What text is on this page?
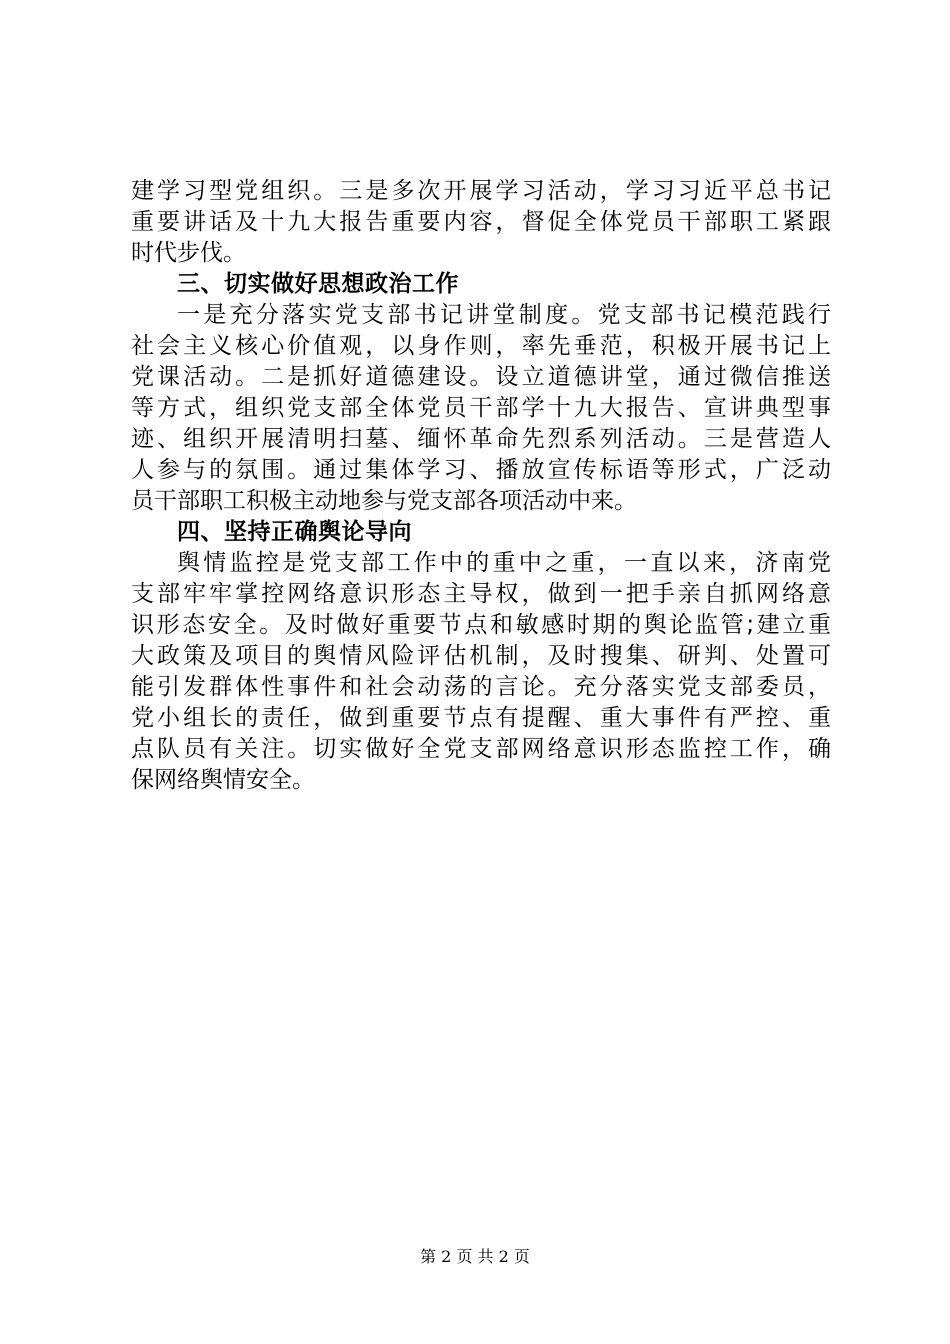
建学习型党组织。三是多次开展学习活动，学习习近平总书记
重要讲话及十九大报告重要内容，督促全体党员干部职工紧跟
时代步伐。
三、切实做好思想政治工作
一是充分落实党支部书记讲堂制度。党支部书记模范践行
社会主义核心价值观，以身作则，率先垂范，积极开展书记上
党课活动。二是抓好道德建设。设立道德讲堂，通过微信推送
等方式，组织党支部全体党员干部学十九大报告、宣讲典型事
迹、组织开展清明扫墓、缅怀革命先烈系列活动。三是营造人
人参与的氛围。通过集体学习、播放宣传标语等形式，广泛动
员干部职工积极主动地参与党支部各项活动中来。
四、坚持正确舆论导向
舆情监控是党支部工作中的重中之重，一直以来，济南党
支部牢牢掌控网络意识形态主导权，做到一把手亲自抓网络意
识形态安全。及时做好重要节点和敏感时期的舆论监管;建立重
大政策及项目的舆情风险评估机制，及时搜集、研判、处置可
能引发群体性事件和社会动荡的言论。充分落实党支部委员，
党小组长的责任，做到重要节点有提醒、重大事件有严控、重
点队员有关注。切实做好全党支部网络意识形态监控工作，确
保网络舆情安全。
第 2 页 共 2 页
